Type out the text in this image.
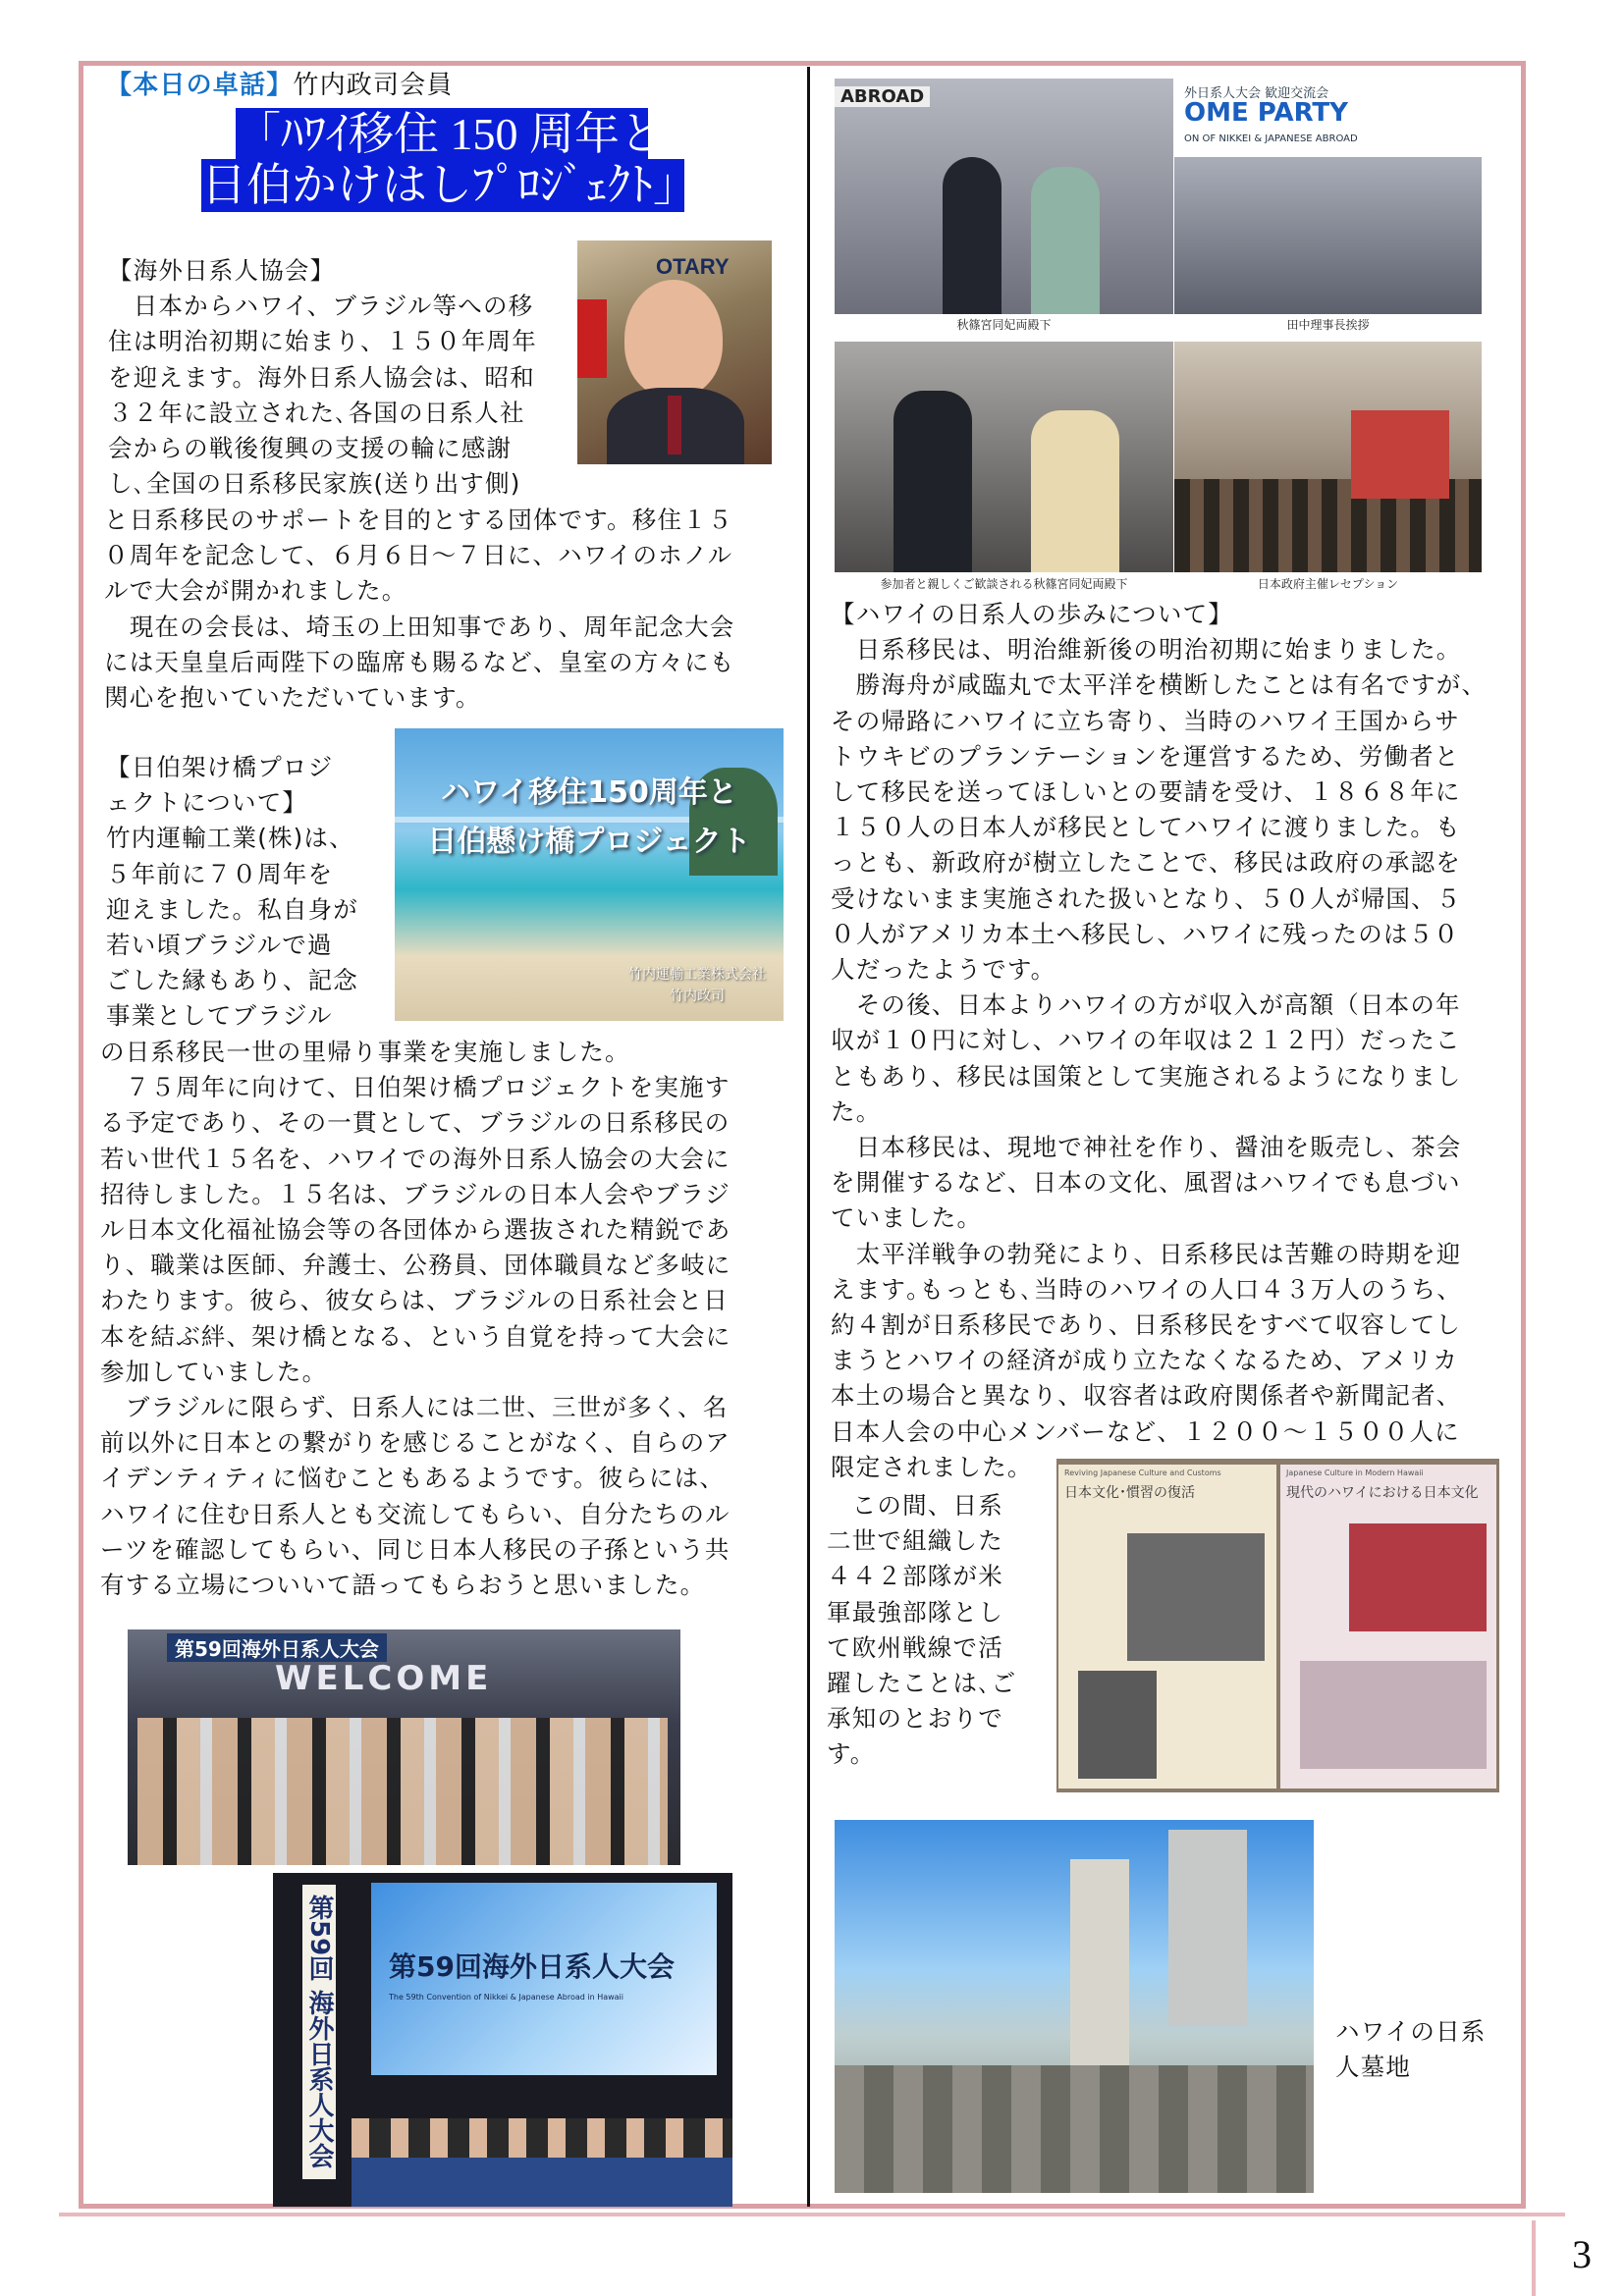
【本日の卓話】竹内政司会員
「ﾊﾜｲ移住 150 周年と
日伯かけはしﾌﾟﾛｼﾞｪｸﾄ」

【海外日系人協会】

　日本からハワイ、ブラジル等への移

住は明治初期に始まり、１５０年周年

を迎えます。海外日系人協会は、昭和

３２年に設立された､各国の日系人社

会からの戦後復興の支援の輪に感謝

し､全国の日系移民家族(送り出す側)

OTARY

と日系移民のサポートを目的とする団体です。移住１５

０周年を記念して、６月６日～７日に、ハワイのホノル

ルで大会が開かれました。

　現在の会長は、埼玉の上田知事であり、周年記念大会

には天皇皇后両陛下の臨席も賜るなど、皇室の方々にも

関心を抱いていただいています。

【日伯架け橋プロジ

ェクトについて】

竹内運輸工業(株)は、

５年前に７０周年を

迎えました。私自身が

若い頃ブラジルで過

ごした縁もあり、記念

事業としてブラジル

ハワイ移住150周年と
日伯懸け橋プロジェクト
竹内運輸工業株式会社
竹内政司

の日系移民一世の里帰り事業を実施しました。

　７５周年に向けて、日伯架け橋プロジェクトを実施す

る予定であり、その一貫として、ブラジルの日系移民の

若い世代１５名を、ハワイでの海外日系人協会の大会に

招待しました。１５名は、ブラジルの日本人会やブラジ

ル日本文化福祉協会等の各団体から選抜された精鋭であ

り、職業は医師、弁護士、公務員、団体職員など多岐に

わたります。彼ら、彼女らは、ブラジルの日系社会と日

本を結ぶ絆、架け橋となる、という自覚を持って大会に

参加していました。

　ブラジルに限らず、日系人には二世、三世が多く、名

前以外に日本との繋がりを感じることがなく、自らのア

イデンティティに悩むこともあるようです。彼らには、

ハワイに住む日系人とも交流してもらい、自分たちのル

ーツを確認してもらい、同じ日本人移民の子孫という共

有する立場についいて語ってもらおうと思いました。

第59回海外日系人大会
WELCOME
第59回 海外日系人大会 第59回海外日系人大会
The 59th Convention of Nikkei & Japanese Abroad in Hawaii
ABROAD	外日系人大会 歓迎交流会
OME PARTY
ON OF NIKKEI & JAPANESE ABROAD
秋篠宮同妃両殿下	田中理事長挨拶
参加者と親しくご歓談される秋篠宮同妃両殿下	日本政府主催レセプション

【ハワイの日系人の歩みについて】

　日系移民は、明治維新後の明治初期に始まりました。

　勝海舟が咸臨丸で太平洋を横断したことは有名ですが、

その帰路にハワイに立ち寄り、当時のハワイ王国からサ

トウキビのプランテーションを運営するため、労働者と

して移民を送ってほしいとの要請を受け、１８６８年に

１５０人の日本人が移民としてハワイに渡りました。も

っとも、新政府が樹立したことで、移民は政府の承認を

受けないまま実施された扱いとなり、５０人が帰国、５

０人がアメリカ本土へ移民し、ハワイに残ったのは５０

人だったようです。

　その後、日本よりハワイの方が収入が高額（日本の年

収が１０円に対し、ハワイの年収は２１２円）だったこ

ともあり、移民は国策として実施されるようになりまし

た。

　日本移民は、現地で神社を作り、醤油を販売し、茶会

を開催するなど、日本の文化、風習はハワイでも息づい

ていました。

　太平洋戦争の勃発により、日系移民は苦難の時期を迎

えます｡もっとも､当時のハワイの人口４３万人のうち、

約４割が日系移民であり、日系移民をすべて収容してし

まうとハワイの経済が成り立たなくなるため、アメリカ

本土の場合と異なり、収容者は政府関係者や新聞記者、

日本人会の中心メンバーなど、１２００～１５００人に

限定されました。

　この間、日系

二世で組織した

４４２部隊が米

軍最強部隊とし

て欧州戦線で活

躍したことは､ご

承知のとおりで

す。

Reviving Japanese Culture and Customs
日本文化･慣習の復活
Japanese Culture in Modern Hawaii
現代のハワイにおける日本文化

ハワイの日系

人墓地

3
